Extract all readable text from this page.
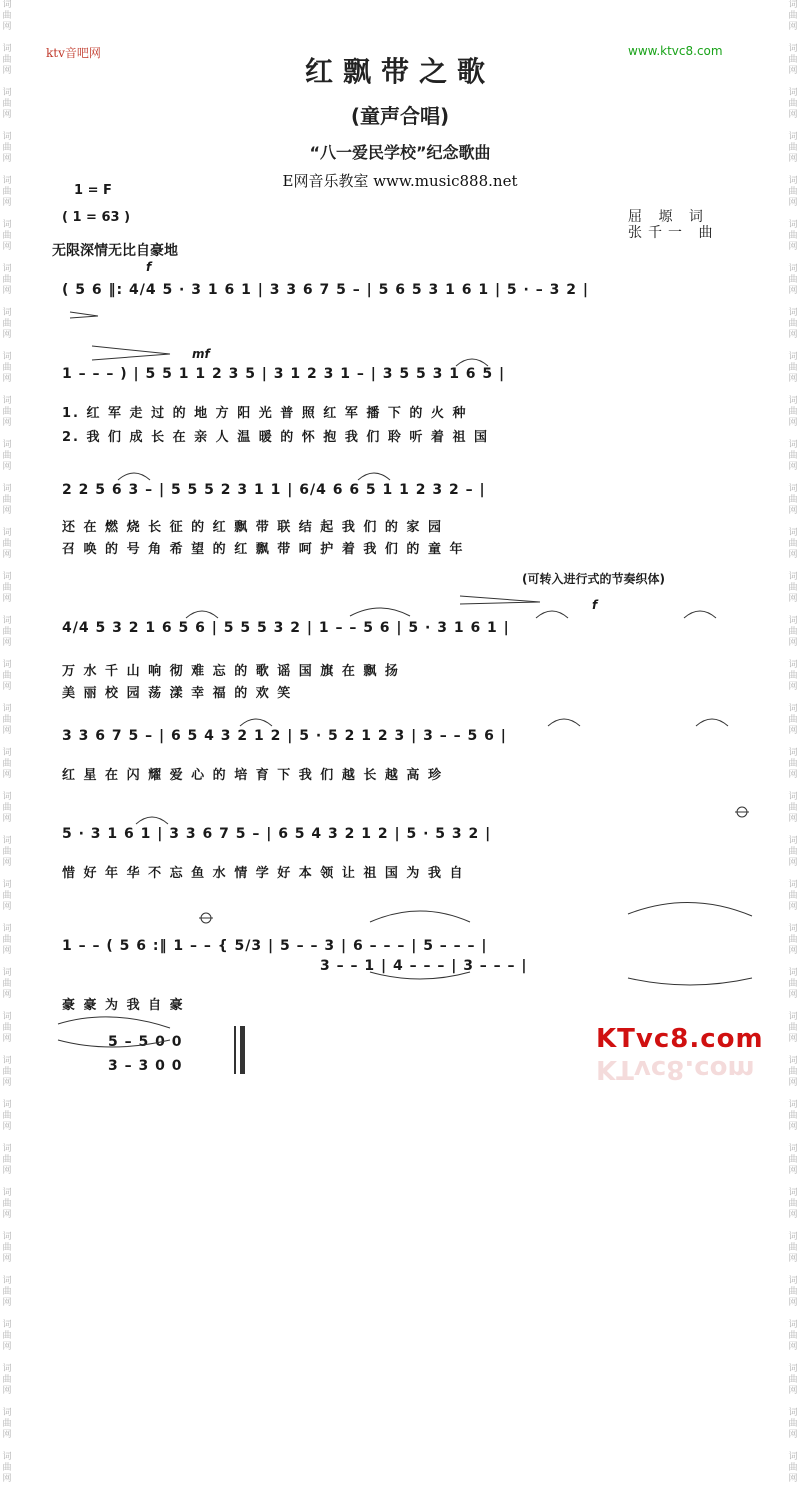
词
曲
网

词
曲
网

词
曲
网

词
曲
网

词
曲
网

词
曲
网

词
曲
网

词
曲
网

词
曲
网

词
曲
网

词
曲
网

词
曲
网

词
曲
网

词
曲
网

词
曲
网

词
曲
网

词
曲
网

词
曲
网

词
曲
网

词
曲
网

词
曲
网

词
曲
网

词
曲
网

词
曲
网

词
曲
网

词
曲
网

词
曲
网

词
曲
网

词
曲
网

词
曲
网

词
曲
网

词
曲
网

词
曲
网

词
曲
网
词
曲
网

词
曲
网

词
曲
网

词
曲
网

词
曲
网

词
曲
网

词
曲
网

词
曲
网

词
曲
网

词
曲
网

词
曲
网

词
曲
网

词
曲
网

词
曲
网

词
曲
网

词
曲
网

词
曲
网

词
曲
网

词
曲
网

词
曲
网

词
曲
网

词
曲
网

词
曲
网

词
曲
网

词
曲
网

词
曲
网

词
曲
网

词
曲
网

词
曲
网

词
曲
网

词
曲
网

词
曲
网

词
曲
网

词
曲
网
ktv音吧网	www.ktvc8.com
红飘带之歌
(童声合唱)
“八一爱民学校”纪念歌曲
E网音乐教室 www.music888.net
1 = F
( 1 = 63 )	屈 塬 词
张千一 曲
无限深情无比自豪地
f
mf
f
(可转入进行式的节奏织体)
( 5 6 ‖: 4/4 5 · 3 1 6 1 | 3 3 6 7 5 – | 5 6 5 3 1 6 1 | 5 · – 3 2 |
1 – – – ) | 5 5 1 1 2 3 5 | 3 1 2 3 1 – | 3 5 5 3 1 6 5 |
1. 红 军 走 过 的 地 方 阳 光 普 照 红 军 播 下 的 火 种
2. 我 们 成 长 在 亲 人 温 暖 的 怀 抱 我 们 聆 听 着 祖 国
2 2 5 6 3 – | 5 5 5 2 3 1 1 | 6/4 6 6 5 1 1 2 3 2 – |
还 在 燃 烧 长 征 的 红 飘 带 联 结 起 我 们 的 家 园
召 唤 的 号 角 希 望 的 红 飘 带 呵 护 着 我 们 的 童 年
4/4 5 3 2 1 6 5 6 | 5 5 5 3 2 | 1 – – 5 6 | 5 · 3 1 6 1 |
万 水 千 山 响 彻 难 忘 的 歌 谣 国 旗 在 飘 扬
美 丽 校 园 荡 漾 幸 福 的 欢 笑
3 3 6 7 5 – | 6 5 4 3 2 1 2 | 5 · 5 2 1 2 3 | 3 – – 5 6 |
红 星 在 闪 耀 爱 心 的 培 育 下 我 们 越 长 越 高 珍
5 · 3 1 6 1 | 3 3 6 7 5 – | 6 5 4 3 2 1 2 | 5 · 5 3 2 |
惜 好 年 华 不 忘 鱼 水 情 学 好 本 领 让 祖 国 为 我 自
1 – – ( 5 6 :‖ 1 – – { 5/3 | 5 – – 3 | 6 – – – | 5 – – – |
3 – – 1 | 4 – – – | 3 – – – |
豪 豪 为 我 自 豪
5 – 5 0 0
3 – 3 0 0
KTvc8.com
KTvc8.com
